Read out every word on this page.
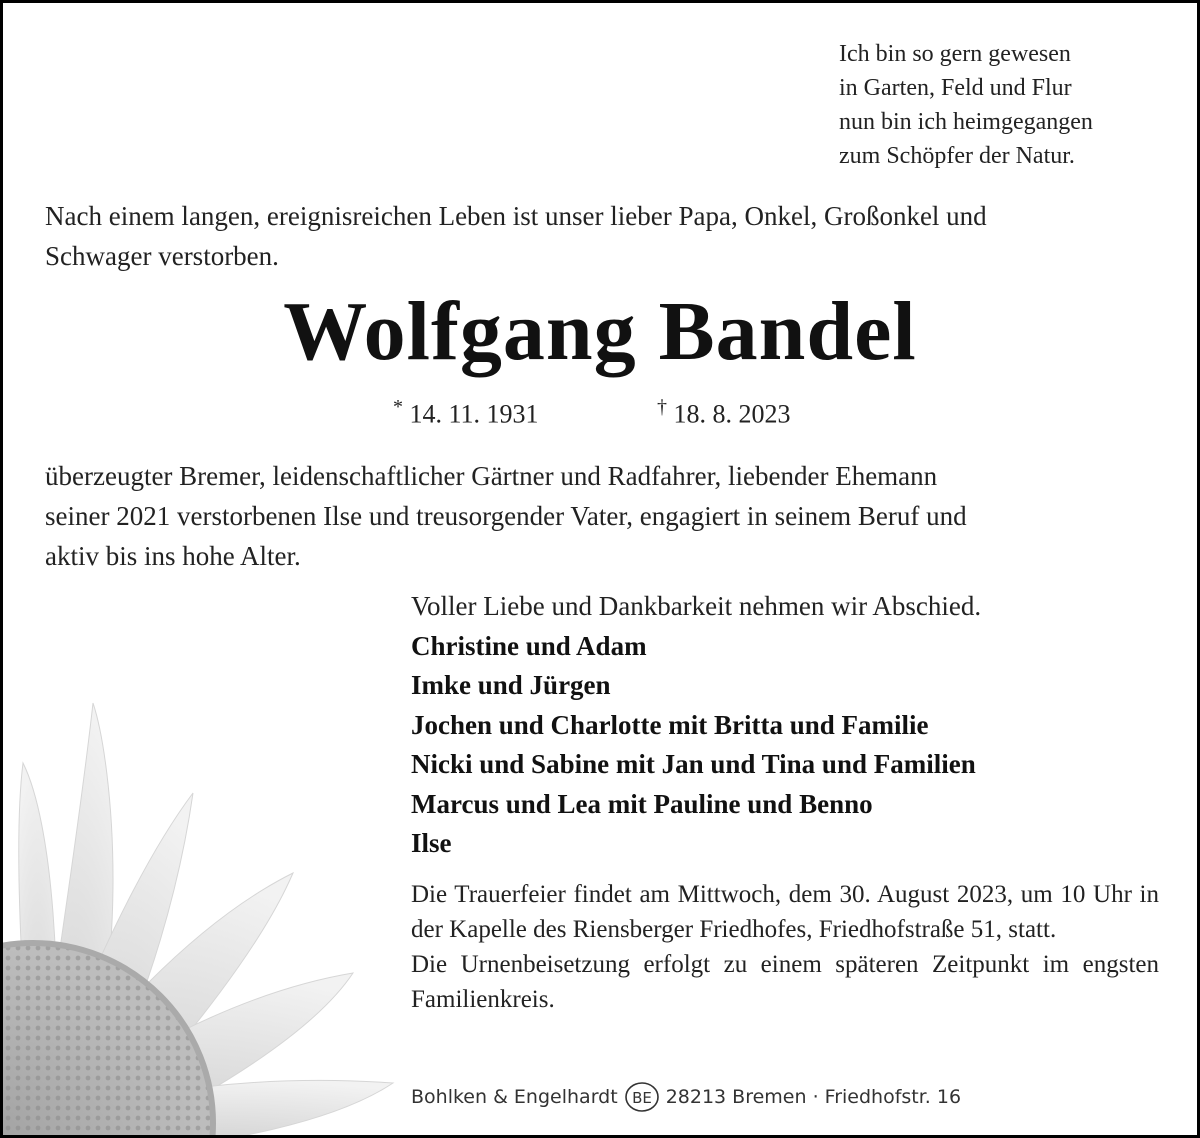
Ich bin so gern gewesen
in Garten, Feld und Flur
nun bin ich heimgegangen
zum Schöpfer der Natur.
Nach einem langen, ereignisreichen Leben ist unser lieber Papa, Onkel, Großonkel und
Schwager verstorben.
Wolfgang Bandel
* 14. 11. 1931	† 18. 8. 2023
überzeugter Bremer, leidenschaftlicher Gärtner und Radfahrer, liebender Ehemann
seiner 2021 verstorbenen Ilse und treusorgender Vater, engagiert in seinem Beruf und
aktiv bis ins hohe Alter.
Voller Liebe und Dankbarkeit nehmen wir Abschied.
Christine und Adam
Imke und Jürgen
Jochen und Charlotte mit Britta und Familie
Nicki und Sabine mit Jan und Tina und Familien
Marcus und Lea mit Pauline und Benno
Ilse

Die Trauerfeier findet am Mittwoch, dem 30. August 2023, um 10 Uhr in der Kapelle des Riensberger Friedhofes, Friedhofstraße 51, statt.

Die Urnenbeisetzung erfolgt zu einem späteren Zeitpunkt im engsten Familienkreis.

Bohlken & Engelhardt BE 28213 Bremen · Friedhofstr. 16
